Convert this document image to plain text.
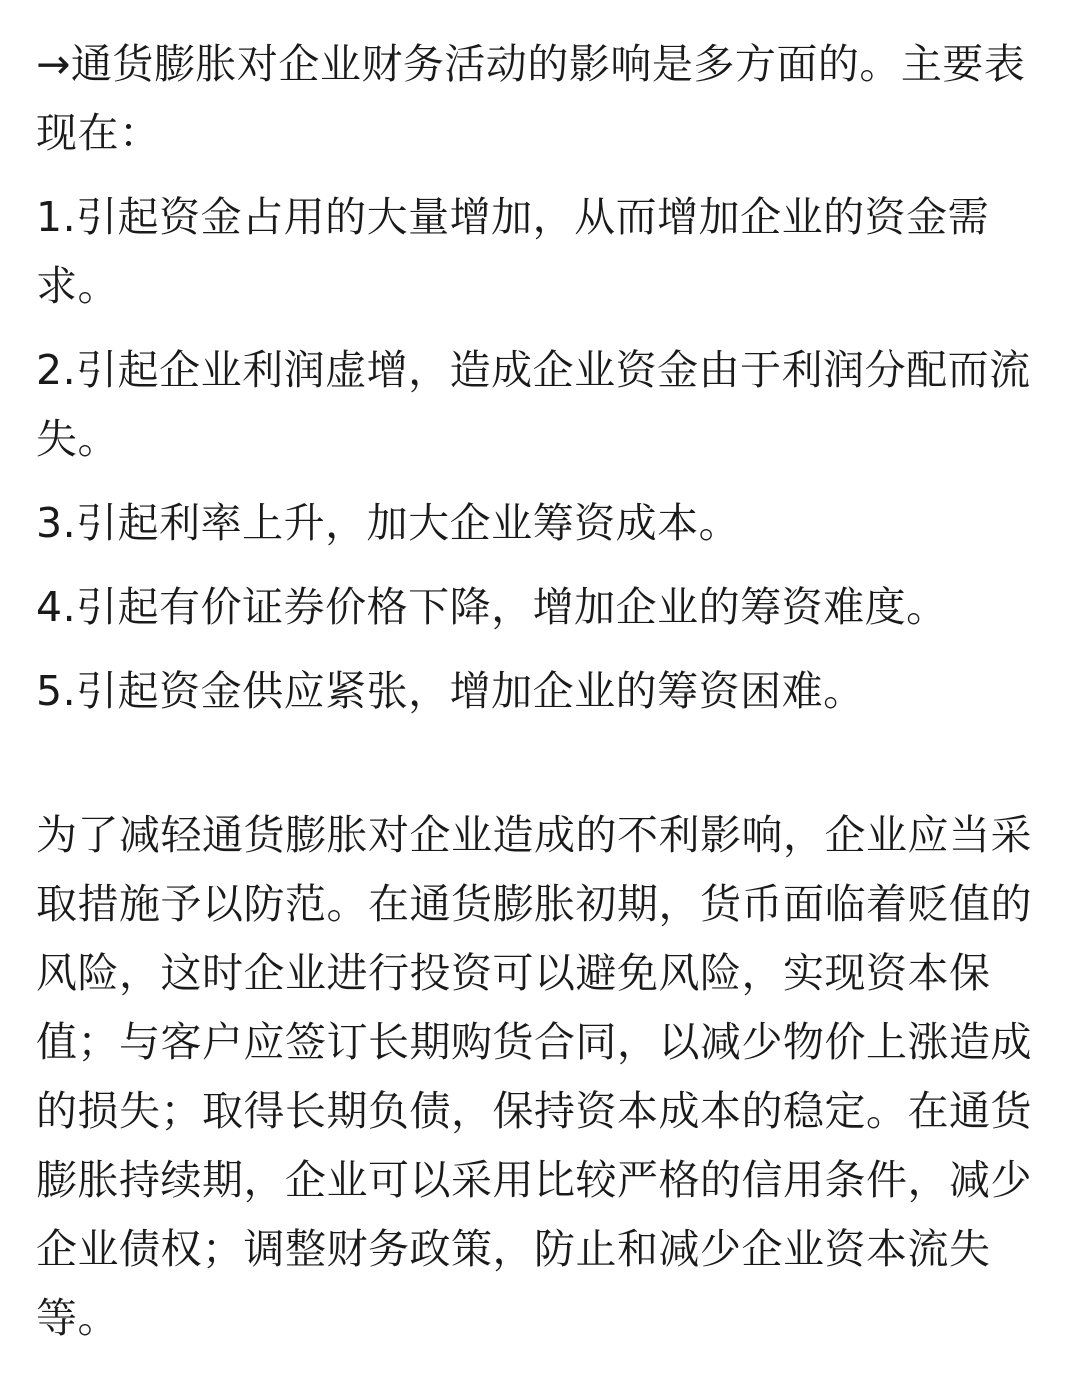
→通货膨胀对企业财务活动的影响是多方面的。主要表现在：

1.引起资金占用的大量增加，从而增加企业的资金需求。

2.引起企业利润虚增，造成企业资金由于利润分配而流失。

3.引起利率上升，加大企业筹资成本。

4.引起有价证券价格下降，增加企业的筹资难度。

5.引起资金供应紧张，增加企业的筹资困难。

为了减轻通货膨胀对企业造成的不利影响，企业应当采取措施予以防范。在通货膨胀初期，货币面临着贬值的风险，这时企业进行投资可以避免风险，实现资本保值；与客户应签订长期购货合同，以减少物价上涨造成的损失；取得长期负债，保持资本成本的稳定。在通货膨胀持续期，企业可以采用比较严格的信用条件，减少企业债权；调整财务政策，防止和减少企业资本流失等。
